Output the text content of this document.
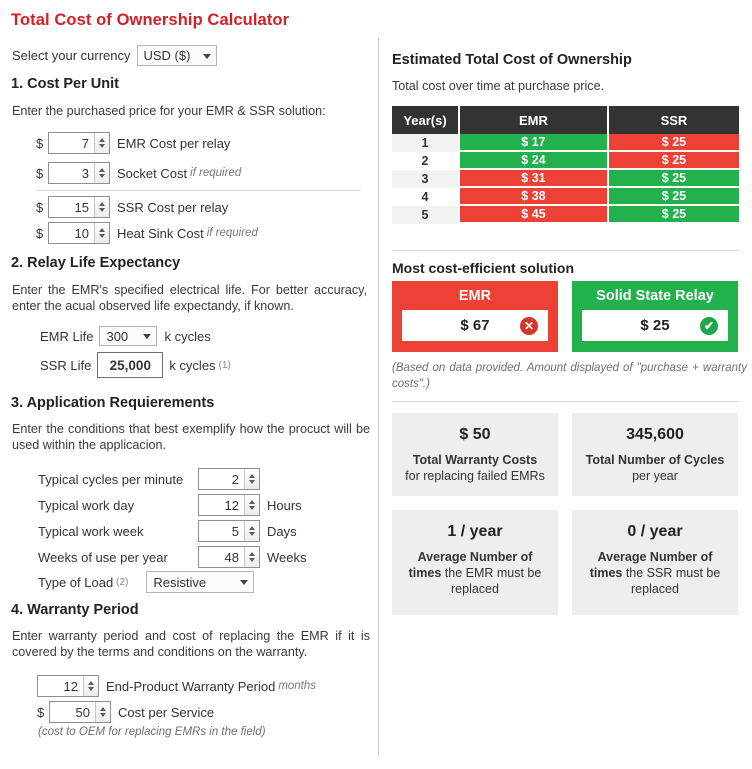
Total Cost of Ownership Calculator
Select your currency USD ($)
1. Cost Per Unit
Enter the purchased price for your EMR & SSR solution:
$	7	EMR Cost per relay
$	3	Socket Cost if required
$	15	SSR Cost per relay
$	10	Heat Sink Cost if required
2. Relay Life Expectancy
Enter the EMR's specified electrical life. For better accuracy, enter the acual observed life expectandy, if known.
EMR Life 300	k cycles
SSR Life	25,000	k cycles (1)
3. Application Requierements
Enter the conditions that best exemplify how the procuct will be used within the applicacion.
Typical cycles per minute	2
Typical work day	12	Hours
Typical work week	5	Days
Weeks of use per year	48	Weeks
Type of Load (2) Resistive
4. Warranty Period
Enter warranty period and cost of replacing the EMR if it is covered by the terms and conditions on the warranty.
12	End-Product Warranty Period months
$	50	Cost per Service
(cost to OEM for replacing EMRs in the field)
Estimated Total Cost of Ownership
Total cost over time at purchase price.
Year(s)	EMR	SSR
1	$ 17	$ 25
2	$ 24	$ 25
3	$ 31	$ 25
4	$ 38	$ 25
5	$ 45	$ 25
Most cost-efficient solution
EMR
$ 67	✕
Solid State Relay
$ 25	✔
(Based on data provided. Amount displayed of "purchase + warranty costs".)
$ 50
Total Warranty Costs
for replacing failed EMRs
345,600
Total Number of Cycles
per year
1 / year
Average Number of
times the EMR must be replaced
0 / year
Average Number of
times the SSR must be replaced
